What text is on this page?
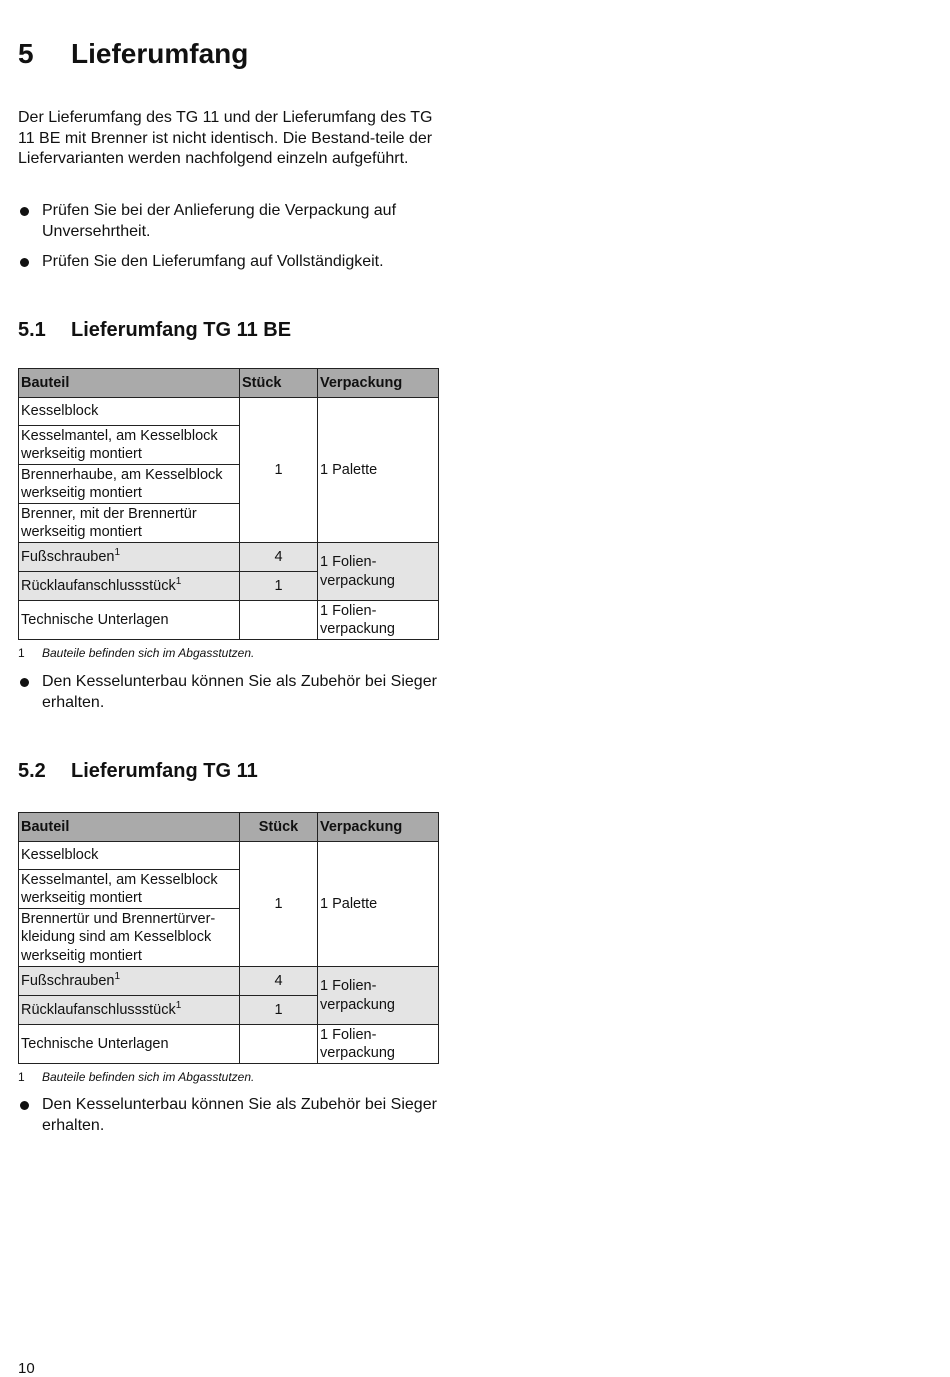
5 Lieferumfang
Der Lieferumfang des TG 11 und der Lieferumfang des TG 11 BE mit Brenner ist nicht identisch. Die Bestand-teile der Liefervarianten werden nachfolgend einzeln aufgeführt.
Prüfen Sie bei der Anlieferung die Verpackung auf Unversehrtheit.
Prüfen Sie den Lieferumfang auf Vollständigkeit.
5.1 Lieferumfang TG 11 BE
Bauteil	Stück	Verpackung
Kesselblock	1	1 Palette
Kesselmantel, am Kesselblock werkseitig montiert		
Brennerhaube, am Kesselblock werkseitig montiert		
Brenner, mit der Brennertür werkseitig montiert		
Fußschrauben$^1$	4	1 Folien-verpackung
Rücklaufanschlussstück$^1$	1	
Technische Unterlagen		1 Folien-verpackung
1 Bauteile befinden sich im Abgasstutzen.
Den Kesselunterbau können Sie als Zubehör bei Sieger erhalten.
5.2 Lieferumfang TG 11
Bauteil	Stück	Verpackung
Kesselblock	1	1 Palette
Kesselmantel, am Kesselblock werkseitig montiert		
Brennertür und Brennertürver-kleidung sind am Kesselblock werkseitig montiert		
Fußschrauben$^1$	4	1 Folien-verpackung
Rücklaufanschlussstück$^1$	1	
Technische Unterlagen		1 Folien-verpackung
1 Bauteile befinden sich im Abgasstutzen.
Den Kesselunterbau können Sie als Zubehör bei Sieger erhalten.
10
